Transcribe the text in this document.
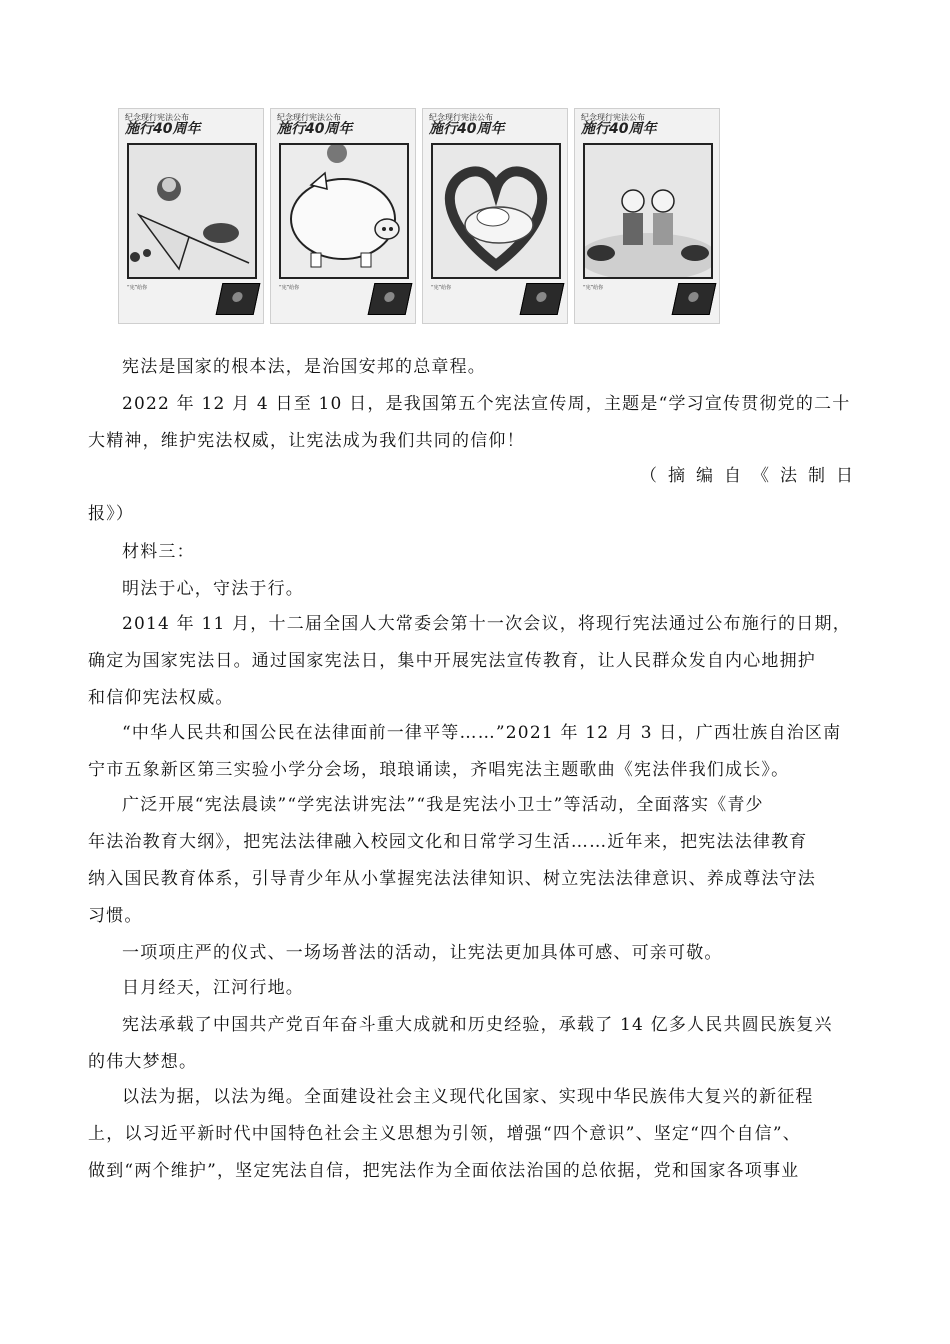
纪念现行宪法公布
施行40周年
“宪”给你
纪念现行宪法公布
施行40周年
“宪”给你
纪念现行宪法公布
施行40周年
“宪”给你
纪念现行宪法公布
施行40周年
“宪”给你

宪法是国家的根本法，是治国安邦的总章程。

2022 年 12 月 4 日至 10 日，是我国第五个宪法宣传周，主题是“学习宣传贯彻党的二十

大精神，维护宪法权威，让宪法成为我们共同的信仰！

（摘编自《法制日

报》）

材料三：

明法于心，守法于行。

2014 年 11 月，十二届全国人大常委会第十一次会议，将现行宪法通过公布施行的日期，

确定为国家宪法日。通过国家宪法日，集中开展宪法宣传教育，让人民群众发自内心地拥护

和信仰宪法权威。

“中华人民共和国公民在法律面前一律平等……”2021 年 12 月 3 日，广西壮族自治区南

宁市五象新区第三实验小学分会场，琅琅诵读，齐唱宪法主题歌曲《宪法伴我们成长》。

广泛开展“宪法晨读”“学宪法讲宪法”“我是宪法小卫士”等活动，全面落实《青少

年法治教育大纲》，把宪法法律融入校园文化和日常学习生活……近年来，把宪法法律教育

纳入国民教育体系，引导青少年从小掌握宪法法律知识、树立宪法法律意识、养成尊法守法

习惯。

一项项庄严的仪式、一场场普法的活动，让宪法更加具体可感、可亲可敬。

日月经天，江河行地。

宪法承载了中国共产党百年奋斗重大成就和历史经验，承载了 14 亿多人民共圆民族复兴

的伟大梦想。

以法为据，以法为绳。全面建设社会主义现代化国家、实现中华民族伟大复兴的新征程

上，以习近平新时代中国特色社会主义思想为引领，增强“四个意识”、坚定“四个自信”、

做到“两个维护”，坚定宪法自信，把宪法作为全面依法治国的总依据，党和国家各项事业
